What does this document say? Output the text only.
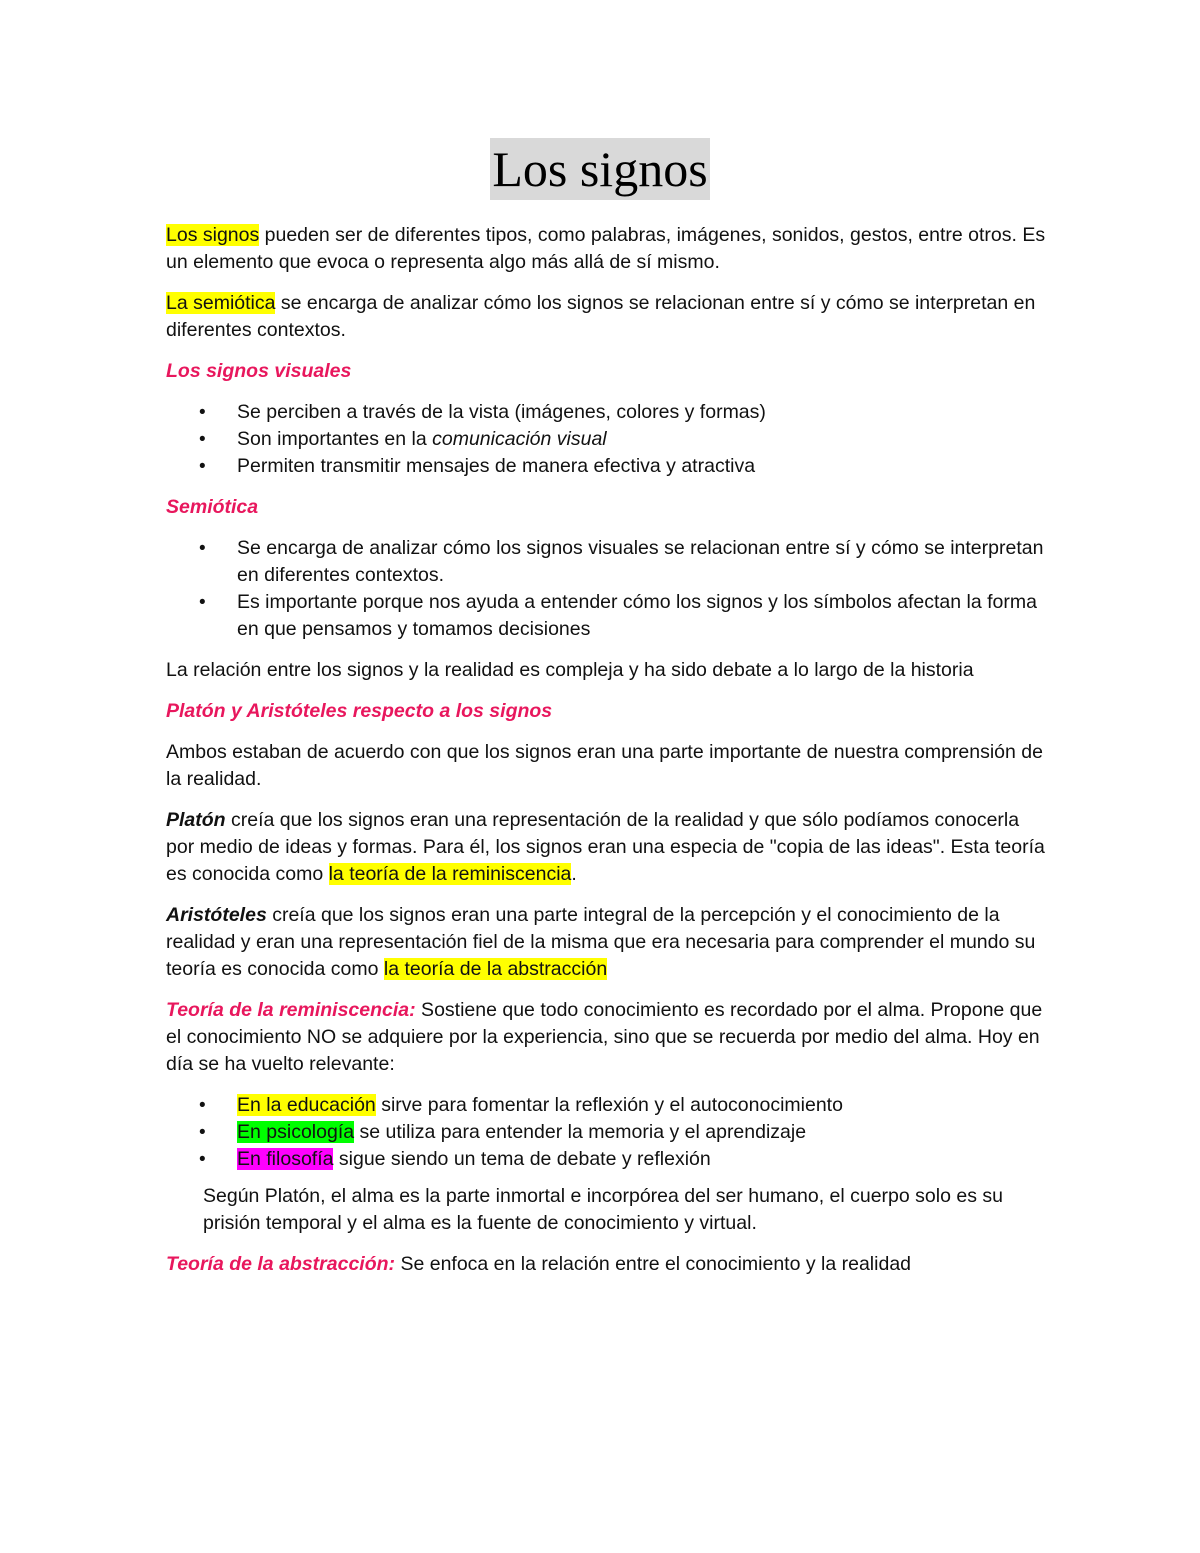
Los signos

Los signos pueden ser de diferentes tipos, como palabras, imágenes, sonidos, gestos, entre otros. Es un elemento que evoca o representa algo más allá de sí mismo.

La semiótica se encarga de analizar cómo los signos se relacionan entre sí y cómo se interpretan en diferentes contextos.

Los signos visuales
• Se perciben a través de la vista (imágenes, colores y formas)
• Son importantes en la comunicación visual
• Permiten transmitir mensajes de manera efectiva y atractiva
Semiótica
• Se encarga de analizar cómo los signos visuales se relacionan entre sí y cómo se interpretan en diferentes contextos.
• Es importante porque nos ayuda a entender cómo los signos y los símbolos afectan la forma en que pensamos y tomamos decisiones

La relación entre los signos y la realidad es compleja y ha sido debate a lo largo de la historia

Platón y Aristóteles respecto a los signos

Ambos estaban de acuerdo con que los signos eran una parte importante de nuestra comprensión de la realidad.

Platón creía que los signos eran una representación de la realidad y que sólo podíamos conocerla por medio de ideas y formas. Para él, los signos eran una especia de "copia de las ideas". Esta teoría es conocida como la teoría de la reminiscencia.

Aristóteles creía que los signos eran una parte integral de la percepción y el conocimiento de la realidad y eran una representación fiel de la misma que era necesaria para comprender el mundo su teoría es conocida como la teoría de la abstracción

Teoría de la reminiscencia: Sostiene que todo conocimiento es recordado por el alma. Propone que el conocimiento NO se adquiere por la experiencia, sino que se recuerda por medio del alma. Hoy en día se ha vuelto relevante:

• En la educación sirve para fomentar la reflexión y el autoconocimiento
• En psicología se utiliza para entender la memoria y el aprendizaje
• En filosofía sigue siendo un tema de debate y reflexión

Según Platón, el alma es la parte inmortal e incorpórea del ser humano, el cuerpo solo es su prisión temporal y el alma es la fuente de conocimiento y virtual.

Teoría de la abstracción: Se enfoca en la relación entre el conocimiento y la realidad
